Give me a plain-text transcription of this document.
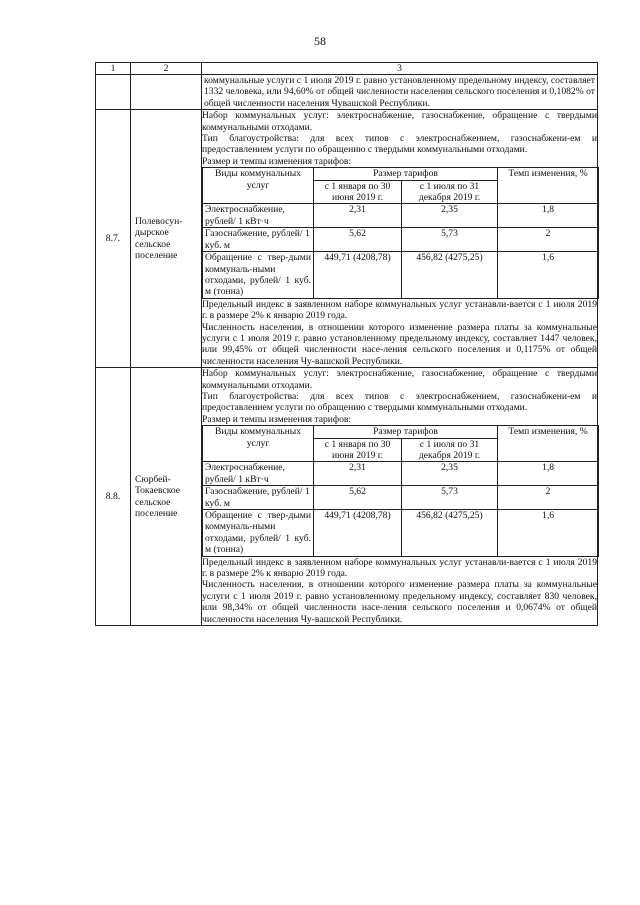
58
1	2	3
		коммунальные услуги с 1 июля 2019 г. равно установленному предельному индексу, составляет 1332 человека, или 94,60% от общей численности населения сельского поселения и 0,1082% от общей численности населения Чувашской Республики.
8.7.	Полевосун-дырское сельское поселение	

Набор коммунальных услуг: электроснабжение, газоснабжение, обращение с твердыми коммунальными отходами.

Тип благоустройства: для всех типов с электроснабжением, газоснабжени-ем и предоставлением услуги по обращению с твердыми коммунальными отходами.

Размер и темпы изменения тарифов:

Виды коммунальных услуг	Размер тарифов	Темп изменения, %
с 1 января по 30 июня 2019 г.	с 1 июля по 31 декабря 2019 г.
Электроснабжение, рублей/ 1 кВт·ч	2,31	2,35	1,8
Газоснабжение, рублей/ 1 куб. м	5,62	5,73	2
Обращение с твер-дыми коммуналь-ными отходами, рублей/ 1 куб. м (тонна)	449,71 (4208,78)	456,82 (4275,25)	1,6

Предельный индекс в заявленном наборе коммунальных услуг устанавли-вается с 1 июля 2019 г. в размере 2% к январю 2019 года.

Численность населения, в отношении которого изменение размера платы за коммунальные услуги с 1 июля 2019 г. равно установленному предельному индексу, составляет 1447 человек, или 99,45% от общей численности насе-ления сельского поселения и 0,1175% от общей численности населения Чу-вашской Республики.

8.8.	Сюрбей-Токаевское сельское поселение	

Набор коммунальных услуг: электроснабжение, газоснабжение, обращение с твердыми коммунальными отходами.

Тип благоустройства: для всех типов с электроснабжением, газоснабжени-ем и предоставлением услуги по обращению с твердыми коммунальными отходами.

Размер и темпы изменения тарифов:

Виды коммунальных услуг	Размер тарифов	Темп изменения, %
с 1 января по 30 июня 2019 г.	с 1 июля по 31 декабря 2019 г.
Электроснабжение, рублей/ 1 кВт·ч	2,31	2,35	1,8
Газоснабжение, рублей/ 1 куб. м	5,62	5,73	2
Обращение с твер-дыми коммуналь-ными отходами, рублей/ 1 куб. м (тонна)	449,71 (4208,78)	456,82 (4275,25)	1,6

Предельный индекс в заявленном наборе коммунальных услуг устанавли-вается с 1 июля 2019 г. в размере 2% к январю 2019 года.

Численность населения, в отношении которого изменение размера платы за коммунальные услуги с 1 июля 2019 г. равно установленному предельному индексу, составляет 830 человек, или 98,34% от общей численности насе-ления сельского поселения и 0,0674% от общей численности населения Чу-вашской Республики.
